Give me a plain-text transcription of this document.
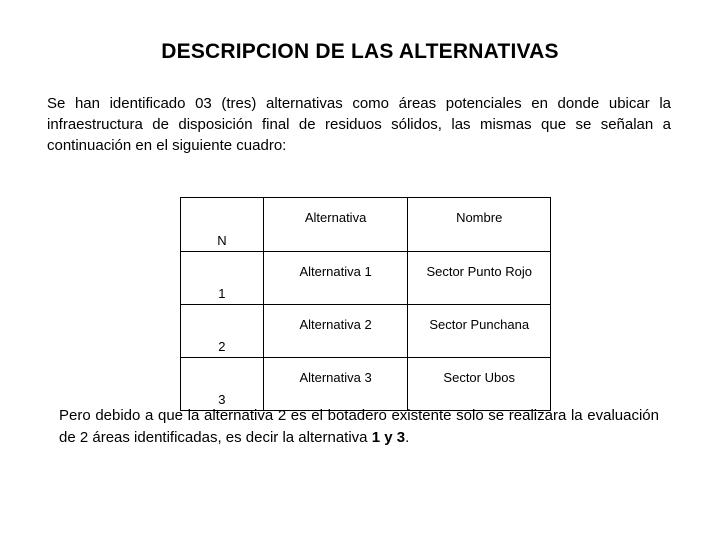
DESCRIPCION DE LAS ALTERNATIVAS
Se han identificado 03 (tres) alternativas como áreas potenciales en donde ubicar la infraestructura de disposición final de residuos sólidos, las mismas que se señalan a continuación en el siguiente cuadro:
N	Alternativa	Nombre
1	Alternativa 1	Sector Punto Rojo
2	Alternativa 2	Sector Punchana
3	Alternativa 3	Sector Ubos
Pero debido a que la alternativa 2 es el botadero existente solo se realizara la evaluación de 2 áreas identificadas, es decir la alternativa 1 y 3.
